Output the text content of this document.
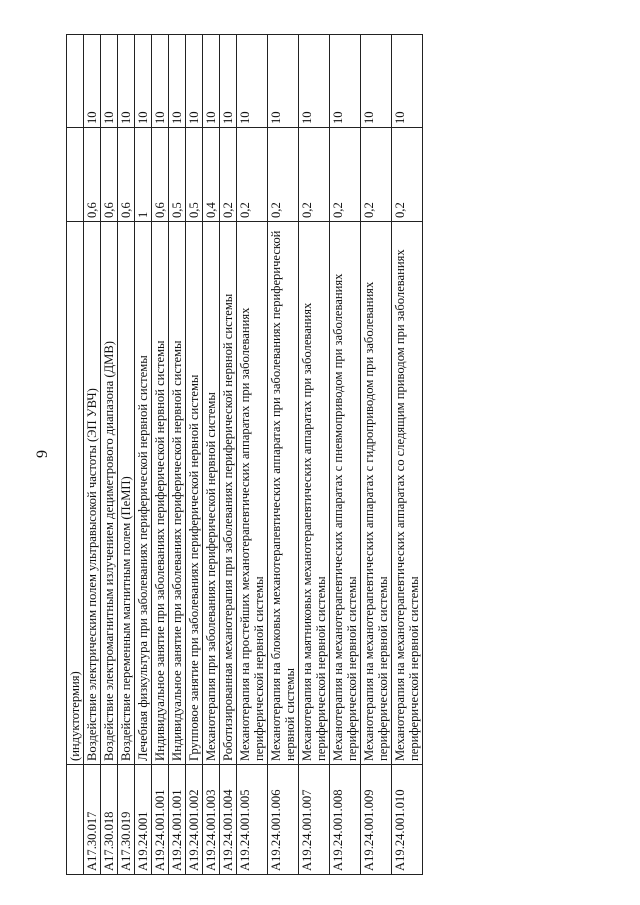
9
	(индуктотермия)		
A17.30.017	Воздействие электрическим полем ультравысокой частоты (ЭП УВЧ)	0,6	10
A17.30.018	Воздействие электромагнитным излучением дециметрового диапазона (ДМВ)	0,6	10
A17.30.019	Воздействие переменным магнитным полем (ПеМП)	0,6	10
A19.24.001	Лечебная физкультура при заболеваниях периферической нервной системы	1	10
A19.24.001.001	Индивидуальное занятие при заболеваниях периферической нервной системы	0,6	10
A19.24.001.001	Индивидуальное занятие при заболеваниях периферической нервной системы	0,5	10
A19.24.001.002	Групповое занятие при заболеваниях периферической нервной системы	0,5	10
A19.24.001.003	Механотерапия при заболеваниях периферической нервной системы	0,4	10
A19.24.001.004	Роботизированная механотерапия при заболеваниях периферической нервной системы	0,2	10
A19.24.001.005	Механотерапия на простейших механотерапевтических аппаратах при заболеваниях периферической нервной системы	0,2	10
A19.24.001.006	Механотерапия на блоковых механотерапевтических аппаратах при заболеваниях периферической нервной системы	0,2	10
A19.24.001.007	Механотерапия на маятниковых механотерапевтических аппаратах при заболеваниях периферической нервной системы	0,2	10
A19.24.001.008	Механотерапия на механотерапевтических аппаратах с пневмоприводом при заболеваниях периферической нервной системы	0,2	10
A19.24.001.009	Механотерапия на механотерапевтических аппаратах с гидроприводом при заболеваниях периферической нервной системы	0,2	10
A19.24.001.010	Механотерапия на механотерапевтических аппаратах со следящим приводом при заболеваниях периферической нервной системы	0,2	10
